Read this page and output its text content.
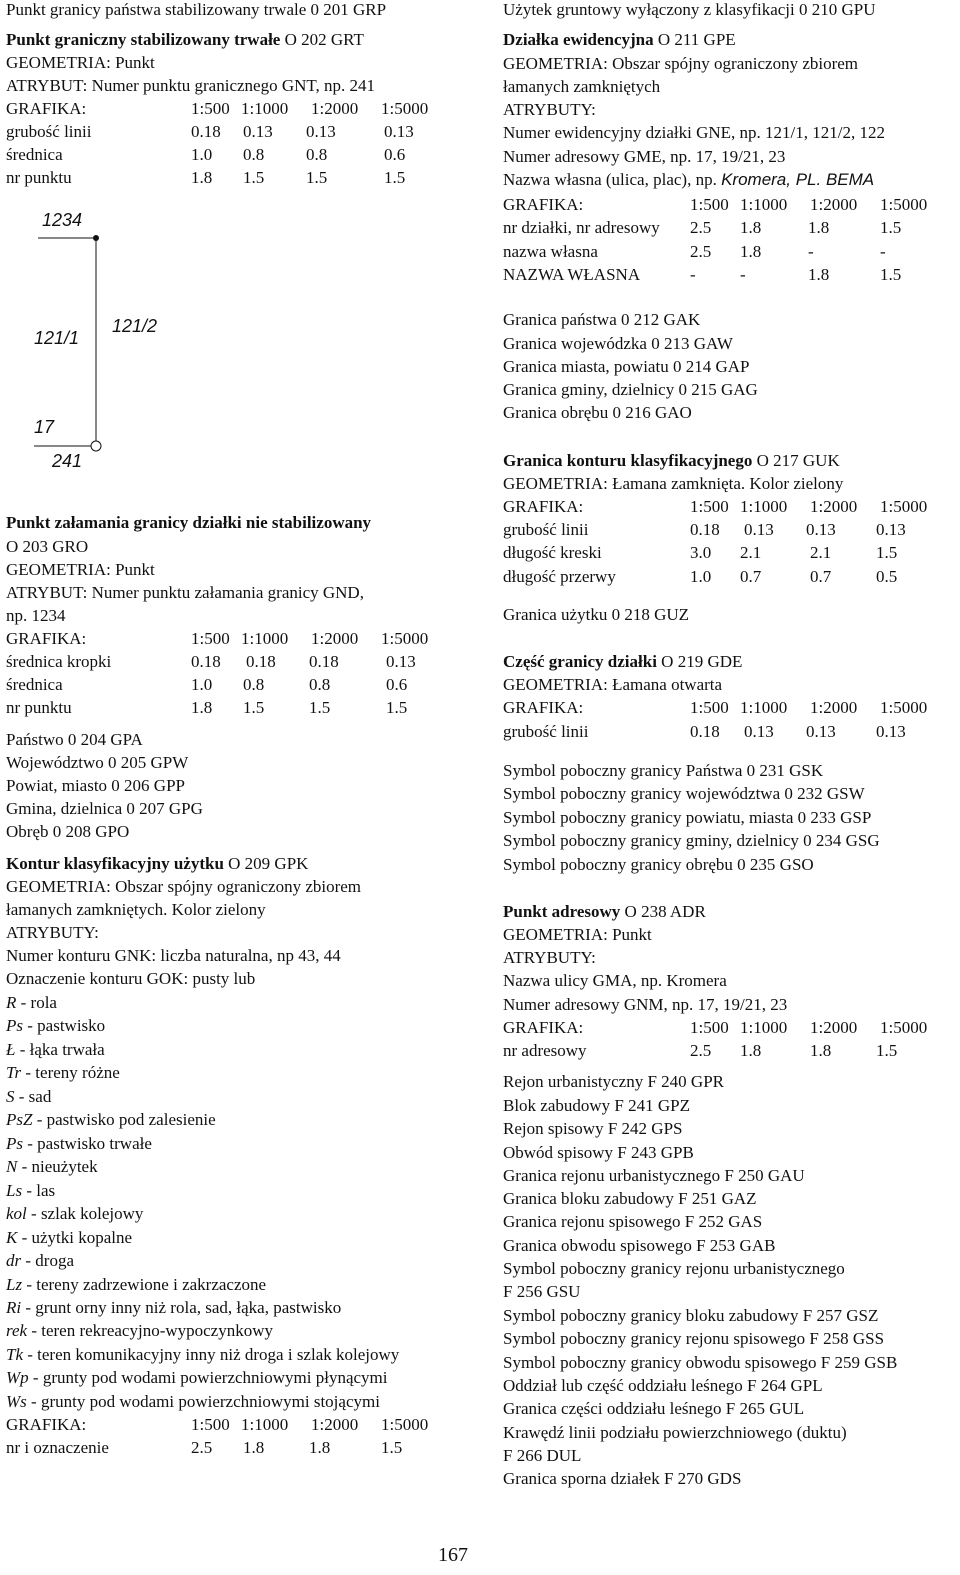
Punkt granicy państwa stabilizowany trwale 0 201 GRP
Punkt graniczny stabilizowany trwałe O 202 GRT
GEOMETRIA: Punkt
ATRYBUT: Numer punktu granicznego GNT, np. 241
GRAFIKA:	1:500 1:1000 1:2000 1:5000
grubość linii	0.18 0.13 0.13	0.13
średnica	1.0 0.8 0.8	0.6
nr punktu	1.8 1.5 1.5	1.5
1234
121/1
121/2
17
241
Punkt załamania granicy działki nie stabilizowany
O 203 GRO
GEOMETRIA: Punkt
ATRYBUT: Numer punktu załamania granicy GND,
np. 1234
GRAFIKA:	1:500 1:1000 1:2000 1:5000
średnica kropki	0.18 0.18 0.18	0.13
średnica	1.0 0.8	0.8	0.6
nr punktu	1.8 1.5	1.5	1.5
Państwo 0 204 GPA
Województwo 0 205 GPW
Powiat, miasto 0 206 GPP
Gmina, dzielnica 0 207 GPG
Obręb 0 208 GPO
Kontur klasyfikacyjny użytku O 209 GPK
GEOMETRIA: Obszar spójny ograniczony zbiorem
łamanych zamkniętych. Kolor zielony
ATRYBUTY:
Numer konturu GNK: liczba naturalna, np 43, 44
Oznaczenie konturu GOK: pusty lub
R - rola
Ps - pastwisko
Ł - łąka trwała
Tr - tereny różne
S - sad
PsZ - pastwisko pod zalesienie
Ps - pastwisko trwałe
N - nieużytek
Ls - las
kol - szlak kolejowy
K - użytki kopalne
dr - droga
Lz - tereny zadrzewione i zakrzaczone
Ri - grunt orny inny niż rola, sad, łąka, pastwisko
rek - teren rekreacyjno-wypoczynkowy
Tk - teren komunikacyjny inny niż droga i szlak kolejowy
Wp - grunty pod wodami powierzchniowymi płynącymi
Ws - grunty pod wodami powierzchniowymi stojącymi
GRAFIKA:	1:500 1:1000 1:2000 1:5000
nr i oznaczenie	2.5 1.8	1.8	1.5
Użytek gruntowy wyłączony z klasyfikacji 0 210 GPU
Działka ewidencyjna O 211 GPE
GEOMETRIA: Obszar spójny ograniczony zbiorem
łamanych zamkniętych
ATRYBUTY:
Numer ewidencyjny działki GNE, np. 121/1, 121/2, 122
Numer adresowy GME, np. 17, 19/21, 23
Nazwa własna (ulica, plac), np. Kromera, PL. BEMA
GRAFIKA:	1:500 1:1000 1:2000 1:5000
nr działki, nr adresowy 2.5 1.8	1.8	1.5
nazwa własna	2.5 1.8	-	-
NAZWA WŁASNA	-	-	1.8	1.5
Granica państwa 0 212 GAK
Granica wojewódzka 0 213 GAW
Granica miasta, powiatu 0 214 GAP
Granica gminy, dzielnicy 0 215 GAG
Granica obrębu 0 216 GAO
Granica konturu klasyfikacyjnego O 217 GUK
GEOMETRIA: Łamana zamknięta. Kolor zielony
GRAFIKA:	1:500 1:1000 1:2000 1:5000
grubość linii	0.18 0.13 0.13 0.13
długość kreski	3.0 2.1	2.1	1.5
długość przerwy	1.0 0.7	0.7	0.5
Granica użytku 0 218 GUZ
Część granicy działki O 219 GDE
GEOMETRIA: Łamana otwarta
GRAFIKA:	1:500 1:1000 1:2000 1:5000
grubość linii	0.18 0.13 0.13 0.13
Symbol poboczny granicy Państwa 0 231 GSK
Symbol poboczny granicy województwa 0 232 GSW
Symbol poboczny granicy powiatu, miasta 0 233 GSP
Symbol poboczny granicy gminy, dzielnicy 0 234 GSG
Symbol poboczny granicy obrębu 0 235 GSO
Punkt adresowy O 238 ADR
GEOMETRIA: Punkt
ATRYBUTY:
Nazwa ulicy GMA, np. Kromera
Numer adresowy GNM, np. 17, 19/21, 23
GRAFIKA:	1:500 1:1000 1:2000 1:5000
nr adresowy	2.5 1.8	1.8	1.5
Rejon urbanistyczny F 240 GPR
Blok zabudowy F 241 GPZ
Rejon spisowy F 242 GPS
Obwód spisowy F 243 GPB
Granica rejonu urbanistycznego F 250 GAU
Granica bloku zabudowy F 251 GAZ
Granica rejonu spisowego F 252 GAS
Granica obwodu spisowego F 253 GAB
Symbol poboczny granicy rejonu urbanistycznego
F 256 GSU
Symbol poboczny granicy bloku zabudowy F 257 GSZ
Symbol poboczny granicy rejonu spisowego F 258 GSS
Symbol poboczny granicy obwodu spisowego F 259 GSB
Oddział lub część oddziału leśnego F 264 GPL
Granica części oddziału leśnego F 265 GUL
Krawędź linii podziału powierzchniowego (duktu)
F 266 DUL
Granica sporna działek F 270 GDS
167
